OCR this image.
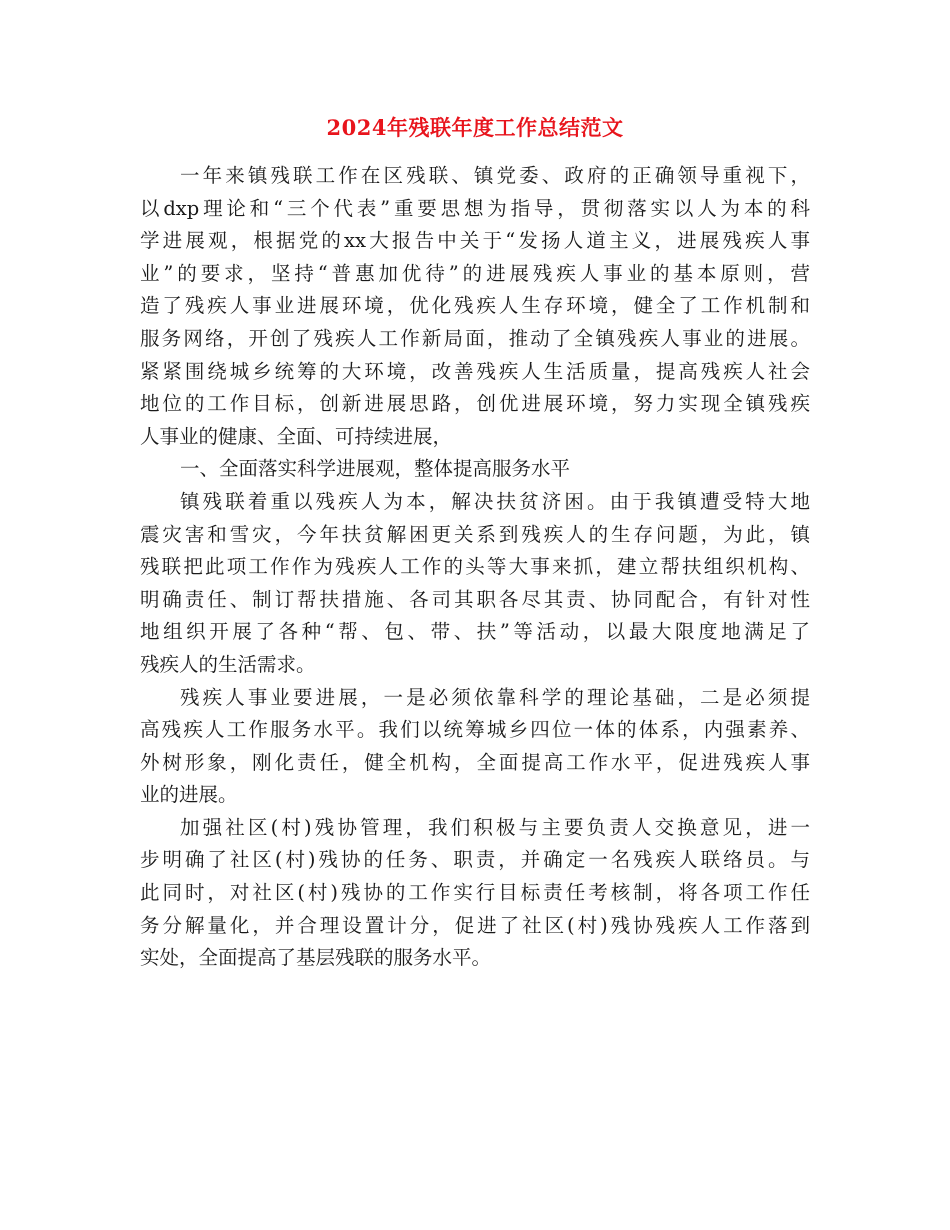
2024年残联年度工作总结范文
一年来镇残联工作在区残联、镇党委、政府的正确领导重视下，
以dxp理论和“三个代表”重要思想为指导，贯彻落实以人为本的科
学进展观，根据党的xx大报告中关于“发扬人道主义，进展残疾人事
业”的要求，坚持“普惠加优待”的进展残疾人事业的基本原则，营
造了残疾人事业进展环境，优化残疾人生存环境，健全了工作机制和
服务网络，开创了残疾人工作新局面，推动了全镇残疾人事业的进展。
紧紧围绕城乡统筹的大环境，改善残疾人生活质量，提高残疾人社会
地位的工作目标，创新进展思路，创优进展环境，努力实现全镇残疾
人事业的健康、全面、可持续进展，
一、全面落实科学进展观，整体提高服务水平
镇残联着重以残疾人为本，解决扶贫济困。由于我镇遭受特大地
震灾害和雪灾，今年扶贫解困更关系到残疾人的生存问题，为此，镇
残联把此项工作作为残疾人工作的头等大事来抓，建立帮扶组织机构、
明确责任、制订帮扶措施、各司其职各尽其责、协同配合，有针对性
地组织开展了各种“帮、包、带、扶”等活动，以最大限度地满足了
残疾人的生活需求。
残疾人事业要进展，一是必须依靠科学的理论基础，二是必须提
高残疾人工作服务水平。我们以统筹城乡四位一体的体系，内强素养、
外树形象，刚化责任，健全机构，全面提高工作水平，促进残疾人事
业的进展。
加强社区(村)残协管理，我们积极与主要负责人交换意见，进一
步明确了社区(村)残协的任务、职责，并确定一名残疾人联络员。与
此同时，对社区(村)残协的工作实行目标责任考核制，将各项工作任
务分解量化，并合理设置计分，促进了社区(村)残协残疾人工作落到
实处，全面提高了基层残联的服务水平。
